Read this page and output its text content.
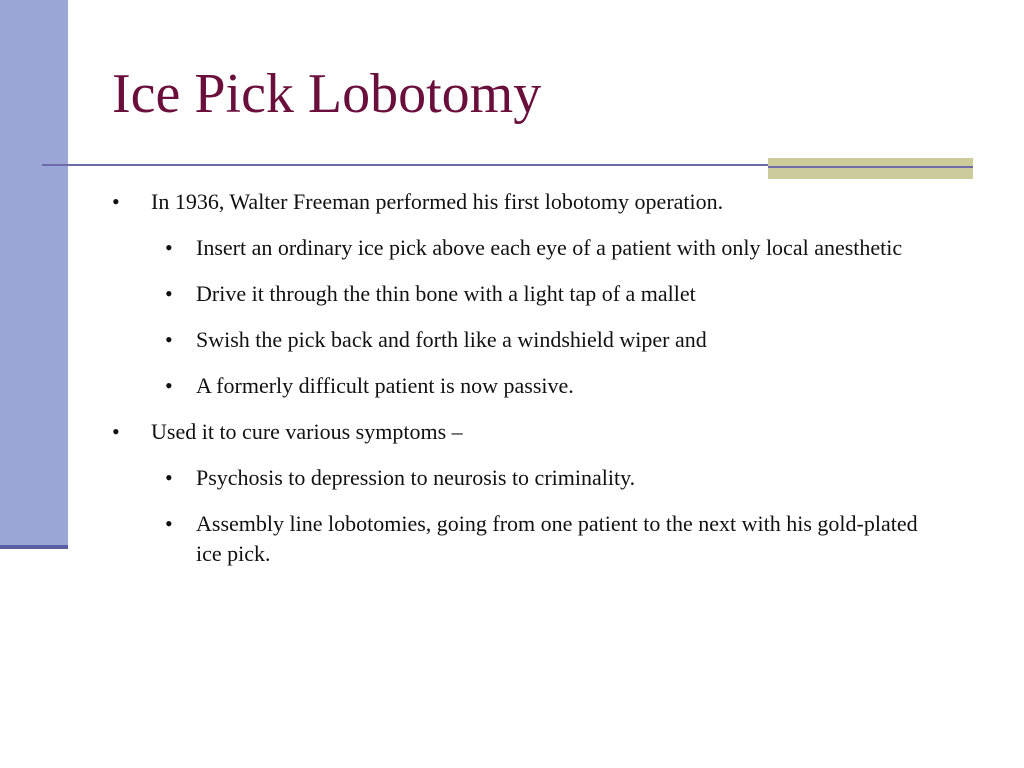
Ice Pick Lobotomy
•	In 1936, Walter Freeman performed his first lobotomy operation.
•	Insert an ordinary ice pick above each eye of a patient with only local anesthetic
•	Drive it through the thin bone with a light tap of a mallet
•	Swish the pick back and forth like a windshield wiper and
•	A formerly difficult patient is now passive.
•	Used it to cure various symptoms –
•	Psychosis to depression to neurosis to criminality.
•	Assembly line lobotomies, going from one patient to the next with his gold-plated ice pick.
